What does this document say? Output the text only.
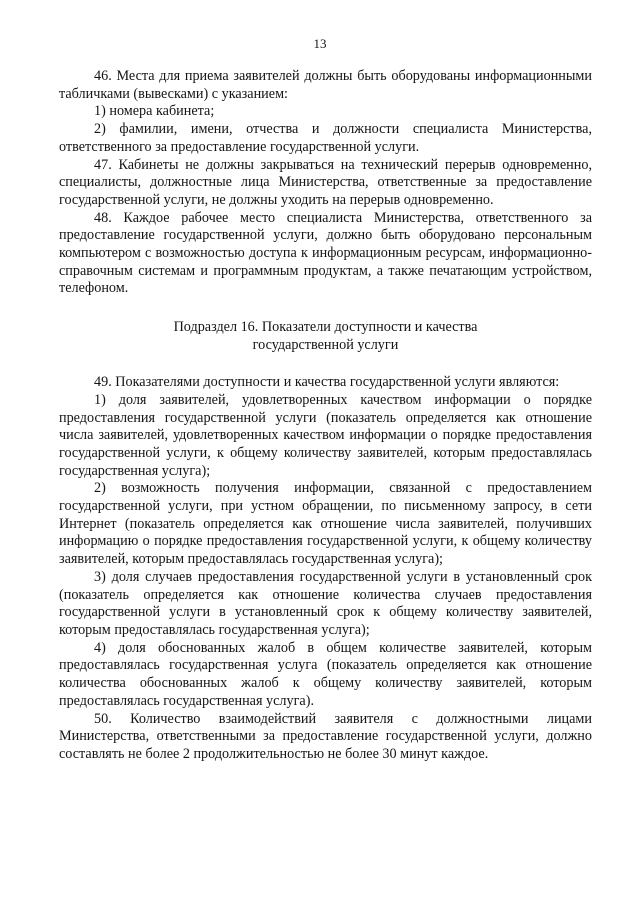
13

46. Места для приема заявителей должны быть оборудованы информационными табличками (вывесками) с указанием:

1) номера кабинета;

2) фамилии, имени, отчества и должности специалиста Министерства, ответственного за предоставление государственной услуги.

47. Кабинеты не должны закрываться на технический перерыв одновременно, специалисты, должностные лица Министерства, ответственные за предоставление государственной услуги, не должны уходить на перерыв одновременно.

48. Каждое рабочее место специалиста Министерства, ответственного за предоставление государственной услуги, должно быть оборудовано персональным компьютером с возможностью доступа к информационным ресурсам, информационно-справочным системам и программным продуктам, а также печатающим устройством, телефоном.

Подраздел 16. Показатели доступности и качества
государственной услуги

49. Показателями доступности и качества государственной услуги являются:

1) доля заявителей, удовлетворенных качеством информации о порядке предоставления государственной услуги (показатель определяется как отношение числа заявителей, удовлетворенных качеством информации о порядке предоставления государственной услуги, к общему количеству заявителей, которым предоставлялась государственная услуга);

2) возможность получения информации, связанной с предоставлением государственной услуги, при устном обращении, по письменному запросу, в сети Интернет (показатель определяется как отношение числа заявителей, получивших информацию о порядке предоставления государственной услуги, к общему количеству заявителей, которым предоставлялась государственная услуга);

3) доля случаев предоставления государственной услуги в установленный срок (показатель определяется как отношение количества случаев предоставления государственной услуги в установленный срок к общему количеству заявителей, которым предоставлялась государственная услуга);

4) доля обоснованных жалоб в общем количестве заявителей, которым предоставлялась государственная услуга (показатель определяется как отношение количества обоснованных жалоб к общему количеству заявителей, которым предоставлялась государственная услуга).

50. Количество взаимодействий заявителя с должностными лицами Министерства, ответственными за предоставление государственной услуги, должно составлять не более 2 продолжительностью не более 30 минут каждое.
